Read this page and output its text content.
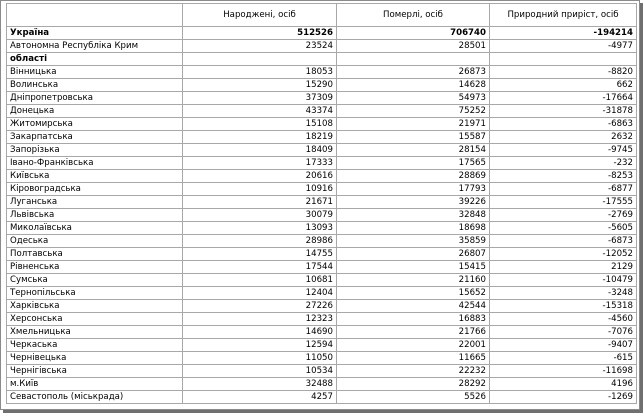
	Народжені, осіб	Померлі, осіб	Природний приріст, осіб
Україна	512526	706740	-194214
Автономна Республіка Крим	23524	28501	-4977
області			
Вінницька	18053	26873	-8820
Волинська	15290	14628	662
Дніпропетровська	37309	54973	-17664
Донецька	43374	75252	-31878
Житомирська	15108	21971	-6863
Закарпатська	18219	15587	2632
Запорізька	18409	28154	-9745
Івано-Франківська	17333	17565	-232
Київська	20616	28869	-8253
Кіровоградська	10916	17793	-6877
Луганська	21671	39226	-17555
Львівська	30079	32848	-2769
Миколаївська	13093	18698	-5605
Одеська	28986	35859	-6873
Полтавська	14755	26807	-12052
Рівненська	17544	15415	2129
Сумська	10681	21160	-10479
Тернопільська	12404	15652	-3248
Харківська	27226	42544	-15318
Херсонська	12323	16883	-4560
Хмельницька	14690	21766	-7076
Черкаська	12594	22001	-9407
Чернівецька	11050	11665	-615
Чернігівська	10534	22232	-11698
м.Київ	32488	28292	4196
Севастополь (міськрада)	4257	5526	-1269
